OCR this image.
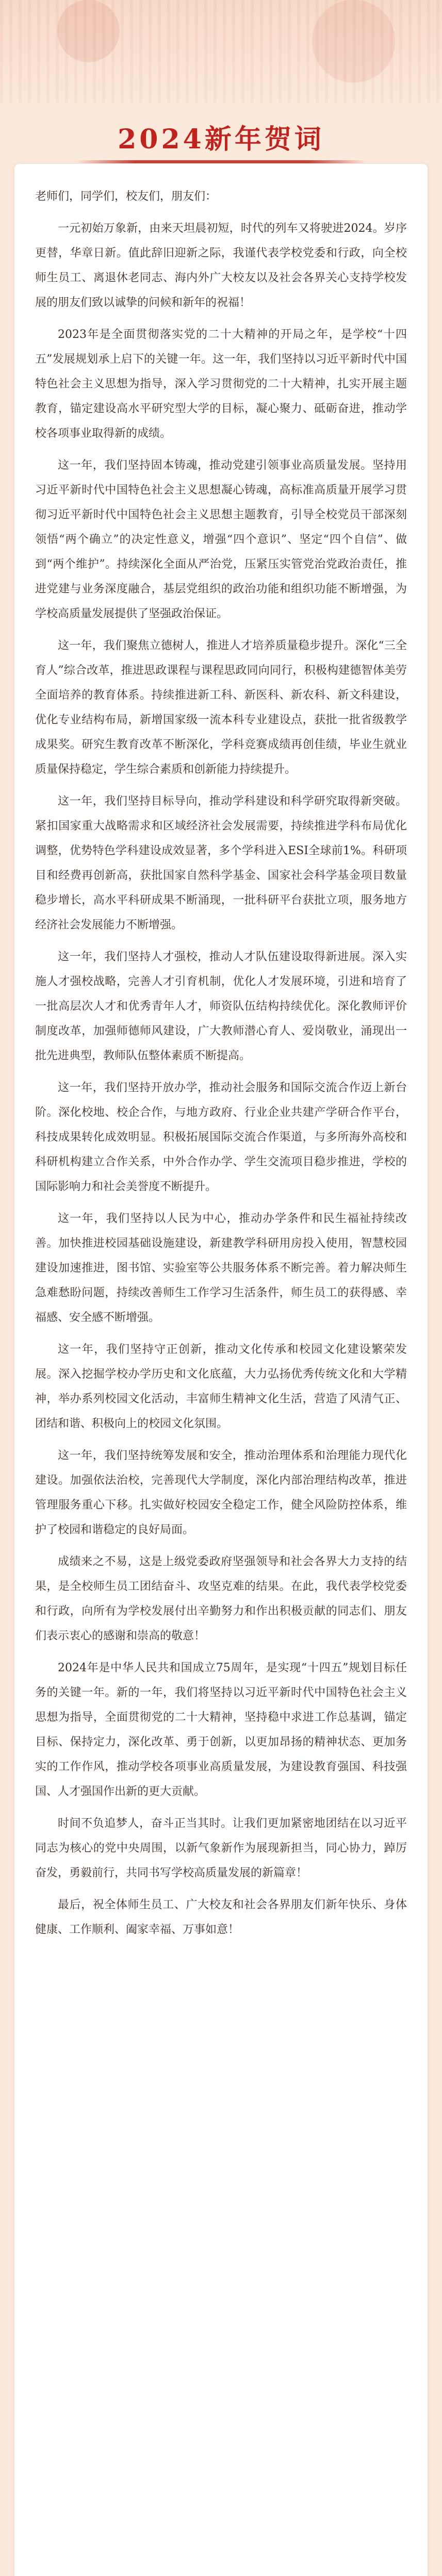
2024新年贺词

老师们，同学们，校友们，朋友们：

一元初始万象新，由来天坦晨初短，时代的列车又将驶进2024。岁序更替，华章日新。值此辞旧迎新之际，我谨代表学校党委和行政，向全校师生员工、离退休老同志、海内外广大校友以及社会各界关心支持学校发展的朋友们致以诚挚的问候和新年的祝福！

2023年是全面贯彻落实党的二十大精神的开局之年，是学校“十四五”发展规划承上启下的关键一年。这一年，我们坚持以习近平新时代中国特色社会主义思想为指导，深入学习贯彻党的二十大精神，扎实开展主题教育，锚定建设高水平研究型大学的目标，凝心聚力、砥砺奋进，推动学校各项事业取得新的成绩。

这一年，我们坚持固本铸魂，推动党建引领事业高质量发展。坚持用习近平新时代中国特色社会主义思想凝心铸魂，高标准高质量开展学习贯彻习近平新时代中国特色社会主义思想主题教育，引导全校党员干部深刻领悟“两个确立”的决定性意义，增强“四个意识”、坚定“四个自信”、做到“两个维护”。持续深化全面从严治党，压紧压实管党治党政治责任，推进党建与业务深度融合，基层党组织的政治功能和组织功能不断增强，为学校高质量发展提供了坚强政治保证。

这一年，我们聚焦立德树人，推进人才培养质量稳步提升。深化“三全育人”综合改革，推进思政课程与课程思政同向同行，积极构建德智体美劳全面培养的教育体系。持续推进新工科、新医科、新农科、新文科建设，优化专业结构布局，新增国家级一流本科专业建设点，获批一批省级教学成果奖。研究生教育改革不断深化，学科竞赛成绩再创佳绩，毕业生就业质量保持稳定，学生综合素质和创新能力持续提升。

这一年，我们坚持目标导向，推动学科建设和科学研究取得新突破。紧扣国家重大战略需求和区域经济社会发展需要，持续推进学科布局优化调整，优势特色学科建设成效显著，多个学科进入ESI全球前1%。科研项目和经费再创新高，获批国家自然科学基金、国家社会科学基金项目数量稳步增长，高水平科研成果不断涌现，一批科研平台获批立项，服务地方经济社会发展能力不断增强。

这一年，我们坚持人才强校，推动人才队伍建设取得新进展。深入实施人才强校战略，完善人才引育机制，优化人才发展环境，引进和培育了一批高层次人才和优秀青年人才，师资队伍结构持续优化。深化教师评价制度改革，加强师德师风建设，广大教师潜心育人、爱岗敬业，涌现出一批先进典型，教师队伍整体素质不断提高。

这一年，我们坚持开放办学，推动社会服务和国际交流合作迈上新台阶。深化校地、校企合作，与地方政府、行业企业共建产学研合作平台，科技成果转化成效明显。积极拓展国际交流合作渠道，与多所海外高校和科研机构建立合作关系，中外合作办学、学生交流项目稳步推进，学校的国际影响力和社会美誉度不断提升。

这一年，我们坚持以人民为中心，推动办学条件和民生福祉持续改善。加快推进校园基础设施建设，新建教学科研用房投入使用，智慧校园建设加速推进，图书馆、实验室等公共服务体系不断完善。着力解决师生急难愁盼问题，持续改善师生工作学习生活条件，师生员工的获得感、幸福感、安全感不断增强。

这一年，我们坚持守正创新，推动文化传承和校园文化建设繁荣发展。深入挖掘学校办学历史和文化底蕴，大力弘扬优秀传统文化和大学精神，举办系列校园文化活动，丰富师生精神文化生活，营造了风清气正、团结和谐、积极向上的校园文化氛围。

这一年，我们坚持统筹发展和安全，推动治理体系和治理能力现代化建设。加强依法治校，完善现代大学制度，深化内部治理结构改革，推进管理服务重心下移。扎实做好校园安全稳定工作，健全风险防控体系，维护了校园和谐稳定的良好局面。

成绩来之不易，这是上级党委政府坚强领导和社会各界大力支持的结果，是全校师生员工团结奋斗、攻坚克难的结果。在此，我代表学校党委和行政，向所有为学校发展付出辛勤努力和作出积极贡献的同志们、朋友们表示衷心的感谢和崇高的敬意！

2024年是中华人民共和国成立75周年，是实现“十四五”规划目标任务的关键一年。新的一年，我们将坚持以习近平新时代中国特色社会主义思想为指导，全面贯彻党的二十大精神，坚持稳中求进工作总基调，锚定目标、保持定力，深化改革、勇于创新，以更加昂扬的精神状态、更加务实的工作作风，推动学校各项事业高质量发展，为建设教育强国、科技强国、人才强国作出新的更大贡献。

时间不负追梦人，奋斗正当其时。让我们更加紧密地团结在以习近平同志为核心的党中央周围，以新气象新作为展现新担当，同心协力，踔厉奋发，勇毅前行，共同书写学校高质量发展的新篇章！

最后，祝全体师生员工、广大校友和社会各界朋友们新年快乐、身体健康、工作顺利、阖家幸福、万事如意！
